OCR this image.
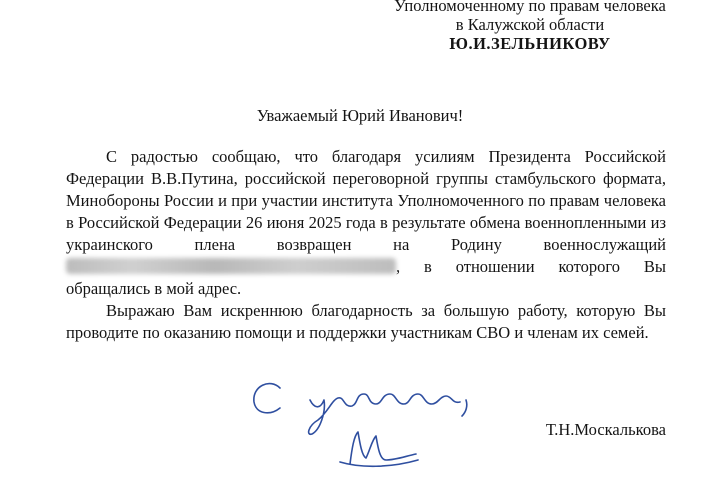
Уполномоченному по правам человека
в Калужской области
Ю.И.ЗЕЛЬНИКОВУ
Уважаемый Юрий Иванович!

С радостью сообщаю, что благодаря усилиям Президента Российской Федерации В.В.Путина, российской переговорной группы стамбульского формата, Минобороны России и при участии института Уполномоченного по правам человека в Российской Федерации 26 июня 2025 года в результате обмена военнопленными из украинского плена возвращен на Родину военнослужащий , в отношении которого Вы обращались в мой адрес.

Выражаю Вам искреннюю благодарность за большую работу, которую Вы проводите по оказанию помощи и поддержки участникам СВО и членам их семей.

Т.Н.Москалькова
